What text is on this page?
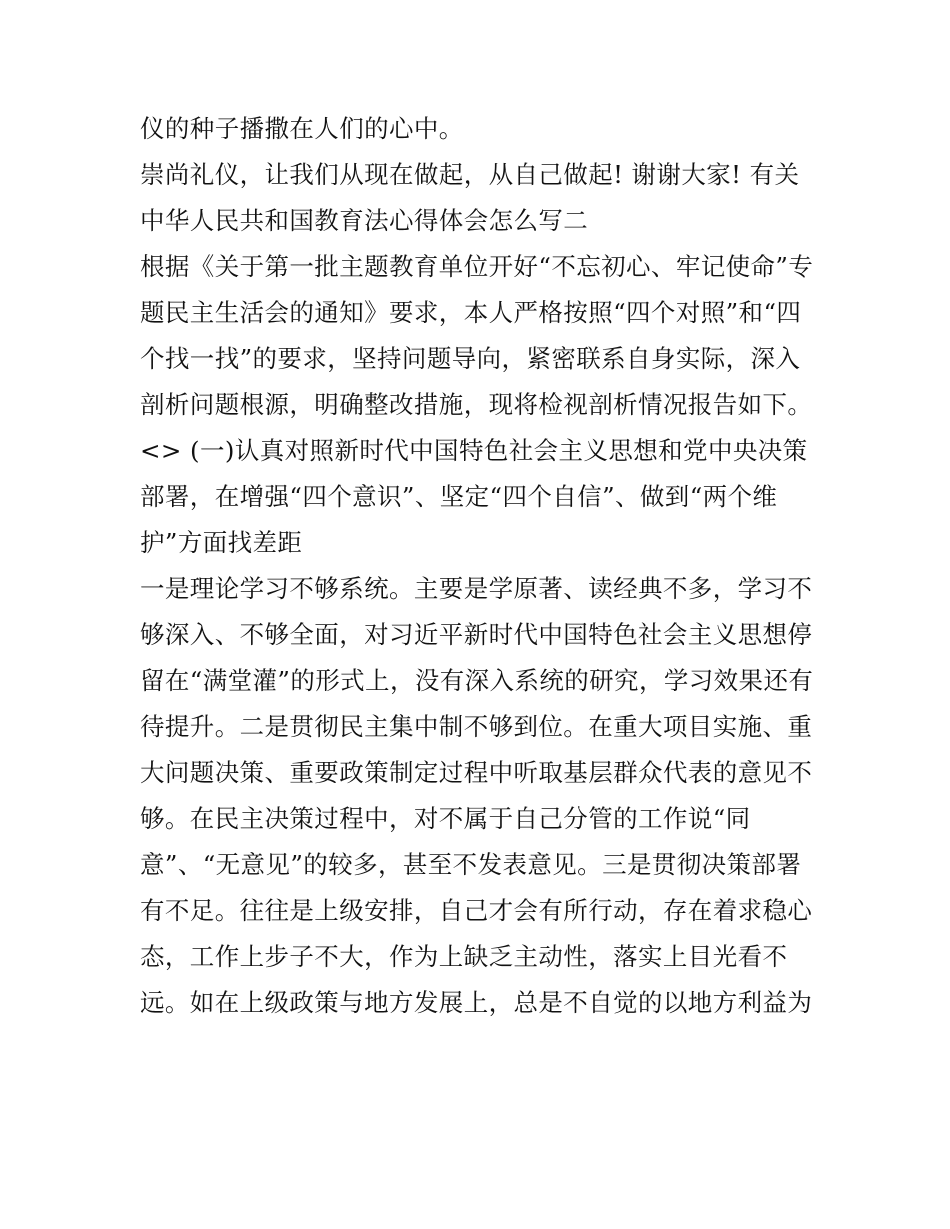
仪的种子播撒在人们的心中。
崇尚礼仪，让我们从现在做起，从自己做起! 谢谢大家! 有关
中华人民共和国教育法心得体会怎么写二
根据《关于第一批主题教育单位开好“不忘初心、牢记使命”专
题民主生活会的通知》要求，本人严格按照“四个对照”和“四
个找一找”的要求，坚持问题导向，紧密联系自身实际，深入
剖析问题根源，明确整改措施，现将检视剖析情况报告如下。
<> (一)认真对照新时代中国特色社会主义思想和党中央决策
部署，在增强“四个意识”、坚定“四个自信”、做到“两个维
护”方面找差距
一是理论学习不够系统。主要是学原著、读经典不多，学习不
够深入、不够全面，对习近平新时代中国特色社会主义思想停
留在“满堂灌”的形式上，没有深入系统的研究，学习效果还有
待提升。二是贯彻民主集中制不够到位。在重大项目实施、重
大问题决策、重要政策制定过程中听取基层群众代表的意见不
够。在民主决策过程中，对不属于自己分管的工作说“同
意”、“无意见”的较多，甚至不发表意见。三是贯彻决策部署
有不足。往往是上级安排，自己才会有所行动，存在着求稳心
态，工作上步子不大，作为上缺乏主动性，落实上目光看不
远。如在上级政策与地方发展上，总是不自觉的以地方利益为
